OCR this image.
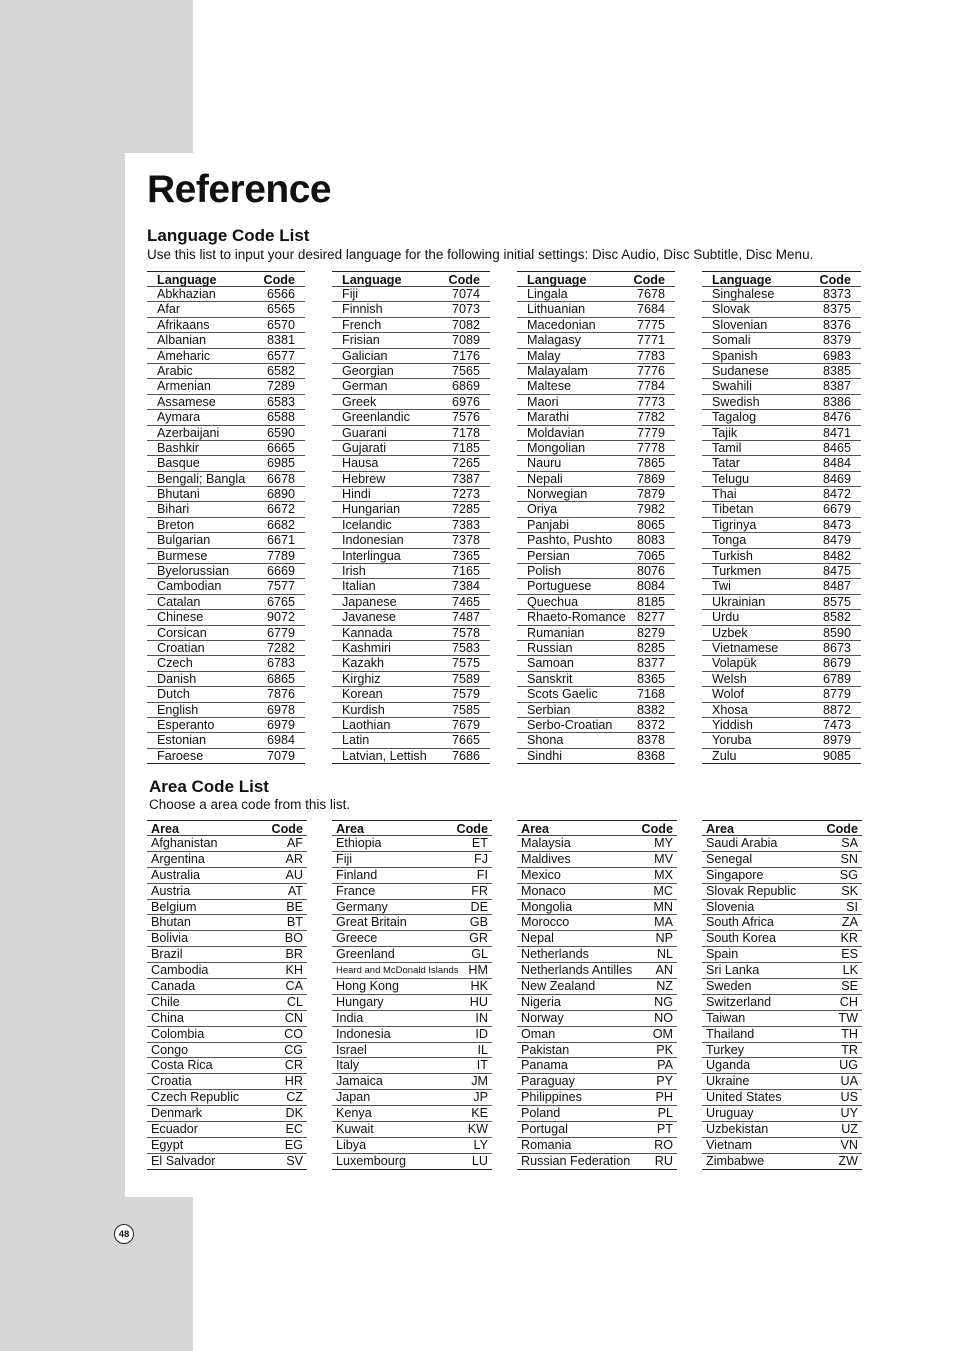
Reference
Language Code List

Use this list to input your desired language for the following initial settings: Disc Audio, Disc Subtitle, Disc Menu.

Language	Code
Abkhazian	6566
Afar	6565
Afrikaans	6570
Albanian	8381
Ameharic	6577
Arabic	6582
Armenian	7289
Assamese	6583
Aymara	6588
Azerbaijani	6590
Bashkir	6665
Basque	6985
Bengali; Bangla	6678
Bhutani	6890
Bihari	6672
Breton	6682
Bulgarian	6671
Burmese	7789
Byelorussian	6669
Cambodian	7577
Catalan	6765
Chinese	9072
Corsican	6779
Croatian	7282
Czech	6783
Danish	6865
Dutch	7876
English	6978
Esperanto	6979
Estonian	6984
Faroese	7079
Language	Code
Fiji	7074
Finnish	7073
French	7082
Frisian	7089
Galician	7176
Georgian	7565
German	6869
Greek	6976
Greenlandic	7576
Guarani	7178
Gujarati	7185
Hausa	7265
Hebrew	7387
Hindi	7273
Hungarian	7285
Icelandic	7383
Indonesian	7378
Interlingua	7365
Irish	7165
Italian	7384
Japanese	7465
Javanese	7487
Kannada	7578
Kashmiri	7583
Kazakh	7575
Kirghiz	7589
Korean	7579
Kurdish	7585
Laothian	7679
Latin	7665
Latvian, Lettish	7686
Language	Code
Lingala	7678
Lithuanian	7684
Macedonian	7775
Malagasy	7771
Malay	7783
Malayalam	7776
Maltese	7784
Maori	7773
Marathi	7782
Moldavian	7779
Mongolian	7778
Nauru	7865
Nepali	7869
Norwegian	7879
Oriya	7982
Panjabi	8065
Pashto, Pushto	8083
Persian	7065
Polish	8076
Portuguese	8084
Quechua	8185
Rhaeto-Romance 8277
Rumanian	8279
Russian	8285
Samoan	8377
Sanskrit	8365
Scots Gaelic	7168
Serbian	8382
Serbo-Croatian	8372
Shona	8378
Sindhi	8368
Language	Code
Singhalese	8373
Slovak	8375
Slovenian	8376
Somali	8379
Spanish	6983
Sudanese	8385
Swahili	8387
Swedish	8386
Tagalog	8476
Tajik	8471
Tamil	8465
Tatar	8484
Telugu	8469
Thai	8472
Tibetan	6679
Tigrinya	8473
Tonga	8479
Turkish	8482
Turkmen	8475
Twi	8487
Ukrainian	8575
Urdu	8582
Uzbek	8590
Vietnamese	8673
Volapük	8679
Welsh	6789
Wolof	8779
Xhosa	8872
Yiddish	7473
Yoruba	8979
Zulu	9085
Area Code List

Choose a area code from this list.

Area	Code
Afghanistan	AF
Argentina	AR
Australia	AU
Austria	AT
Belgium	BE
Bhutan	BT
Bolivia	BO
Brazil	BR
Cambodia	KH
Canada	CA
Chile	CL
China	CN
Colombia	CO
Congo	CG
Costa Rica	CR
Croatia	HR
Czech Republic	CZ
Denmark	DK
Ecuador	EC
Egypt	EG
El Salvador	SV
Area	Code
Ethiopia	ET
Fiji	FJ
Finland	FI
France	FR
Germany	DE
Great Britain	GB
Greece	GR
Greenland	GL
Heard and McDonald Islands HM
Hong Kong	HK
Hungary	HU
India	IN
Indonesia	ID
Israel	IL
Italy	IT
Jamaica	JM
Japan	JP
Kenya	KE
Kuwait	KW
Libya	LY
Luxembourg	LU
Area	Code
Malaysia	MY
Maldives	MV
Mexico	MX
Monaco	MC
Mongolia	MN
Morocco	MA
Nepal	NP
Netherlands	NL
Netherlands Antilles	AN
New Zealand	NZ
Nigeria	NG
Norway	NO
Oman	OM
Pakistan	PK
Panama	PA
Paraguay	PY
Philippines	PH
Poland	PL
Portugal	PT
Romania	RO
Russian Federation	RU
Area	Code
Saudi Arabia	SA
Senegal	SN
Singapore	SG
Slovak Republic	SK
Slovenia	SI
South Africa	ZA
South Korea	KR
Spain	ES
Sri Lanka	LK
Sweden	SE
Switzerland	CH
Taiwan	TW
Thailand	TH
Turkey	TR
Uganda	UG
Ukraine	UA
United States	US
Uruguay	UY
Uzbekistan	UZ
Vietnam	VN
Zimbabwe	ZW
48
